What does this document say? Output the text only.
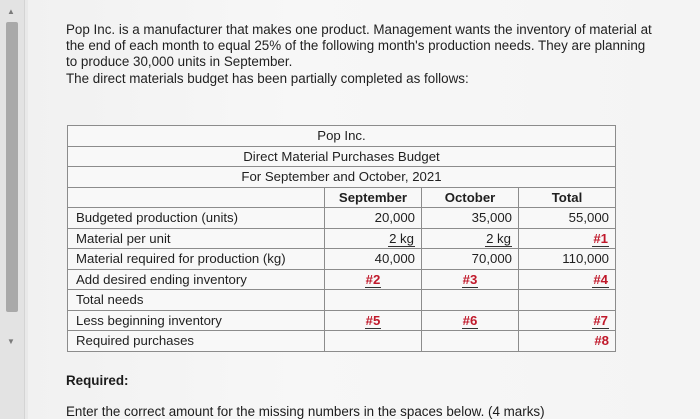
▲
▼

Pop Inc. is a manufacturer that makes one product. Management wants the inventory of material at

the end of each month to equal 25% of the following month's production needs. They are planning

to produce 30,000 units in September.

The direct materials budget has been partially completed as follows:

Pop Inc.			
Direct Material Purchases Budget			
For September and October, 2021			
	September	October	Total
Budgeted production (units)	20,000	35,000	55,000
Material per unit	2 kg	2 kg	#1
Material required for production (kg)	40,000	70,000	110,000
Add desired ending inventory	#2	#3	#4
Total needs			
Less beginning inventory	#5	#6	#7
Required purchases			#8
Required:
Enter the correct amount for the missing numbers in the spaces below. (4 marks)
